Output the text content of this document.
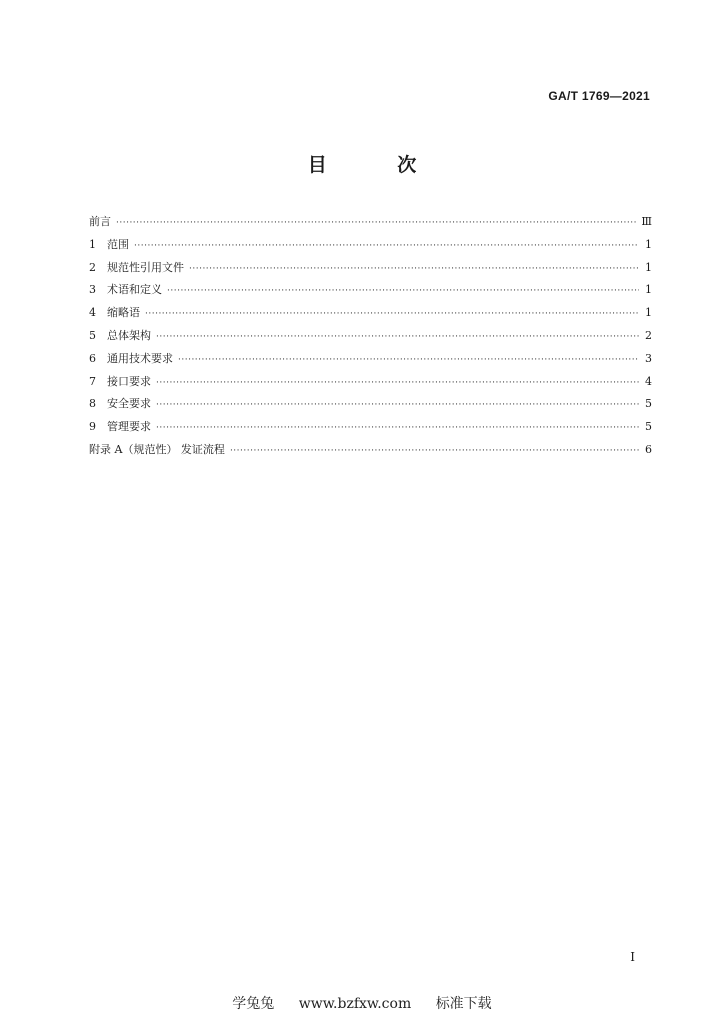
GA/T 1769—2021
目 次
前言 ·····	Ⅲ
1	范围 ·····	1
2	规范性引用文件 ·····	1
3	术语和定义 ·····	1
4	缩略语 ·····	1
5	总体架构 ·····	2
6	通用技术要求 ·····	3
7	接口要求 ·····	4
8	安全要求 ·····	5
9	管理要求 ·····	5
附录 A（规范性） 发证流程 ·····	6
I
学兔兔 www.bzfxw.com 标准下载
